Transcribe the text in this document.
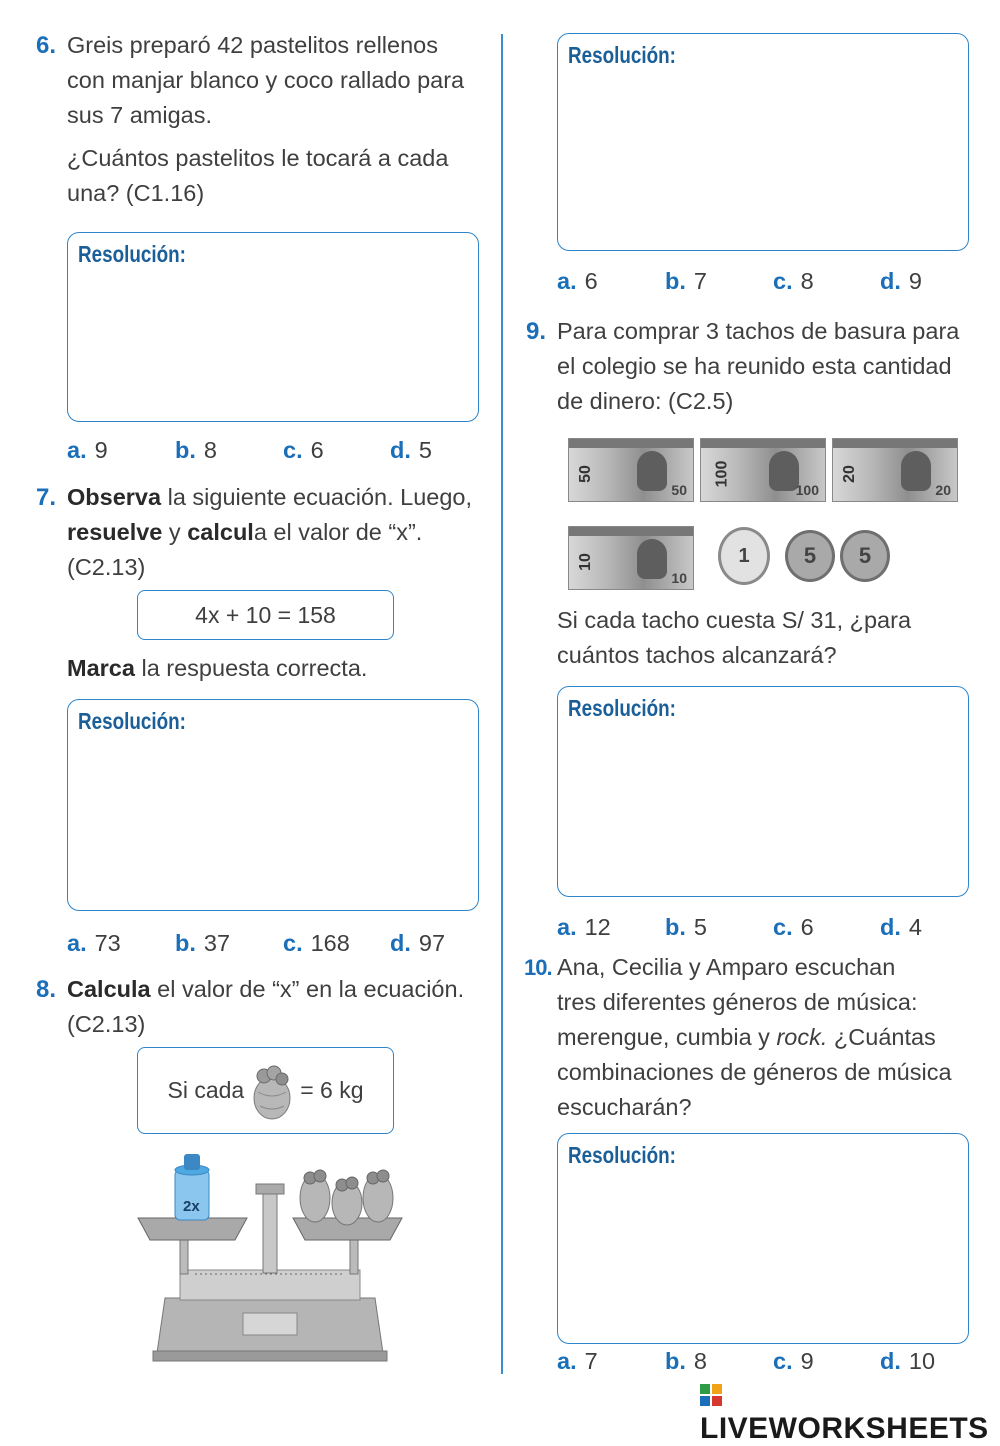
6. Greis preparó 42 pastelitos rellenos
con manjar blanco y coco rallado para
sus 7 amigas.
¿Cuántos pastelitos le tocará a cada
una? (C1.16)
Resolución:
a. 9	b. 8	c. 6	d. 5
7. Observa la siguiente ecuación. Luego,
resuelve y calcula el valor de “x”.
(C2.13)
4x + 10 = 158
Marca la respuesta correcta.
Resolución:
a. 73 b. 37 c. 168 d. 97
8. Calcula el valor de “x” en la ecuación.
(C2.13)
Si cada = 6 kg
2x
Resolución:
a. 6	b. 7	c. 8	d. 9
9. Para comprar 3 tachos de basura para
el colegio se ha reunido esta cantidad
de dinero: (C2.5)
50
50
100
100
20
20
10
10
1	5	5
Si cada tacho cuesta S/ 31, ¿para
cuántos tachos alcanzará?
Resolución:
a. 12 b. 5	c. 6	d. 4
10. Ana, Cecilia y Amparo escuchan
tres diferentes géneros de música:
merengue, cumbia y rock. ¿Cuántas
combinaciones de géneros de música
escucharán?
Resolución:
a. 7	b. 8	c. 9	d. 10
LIVEWORKSHEETS
